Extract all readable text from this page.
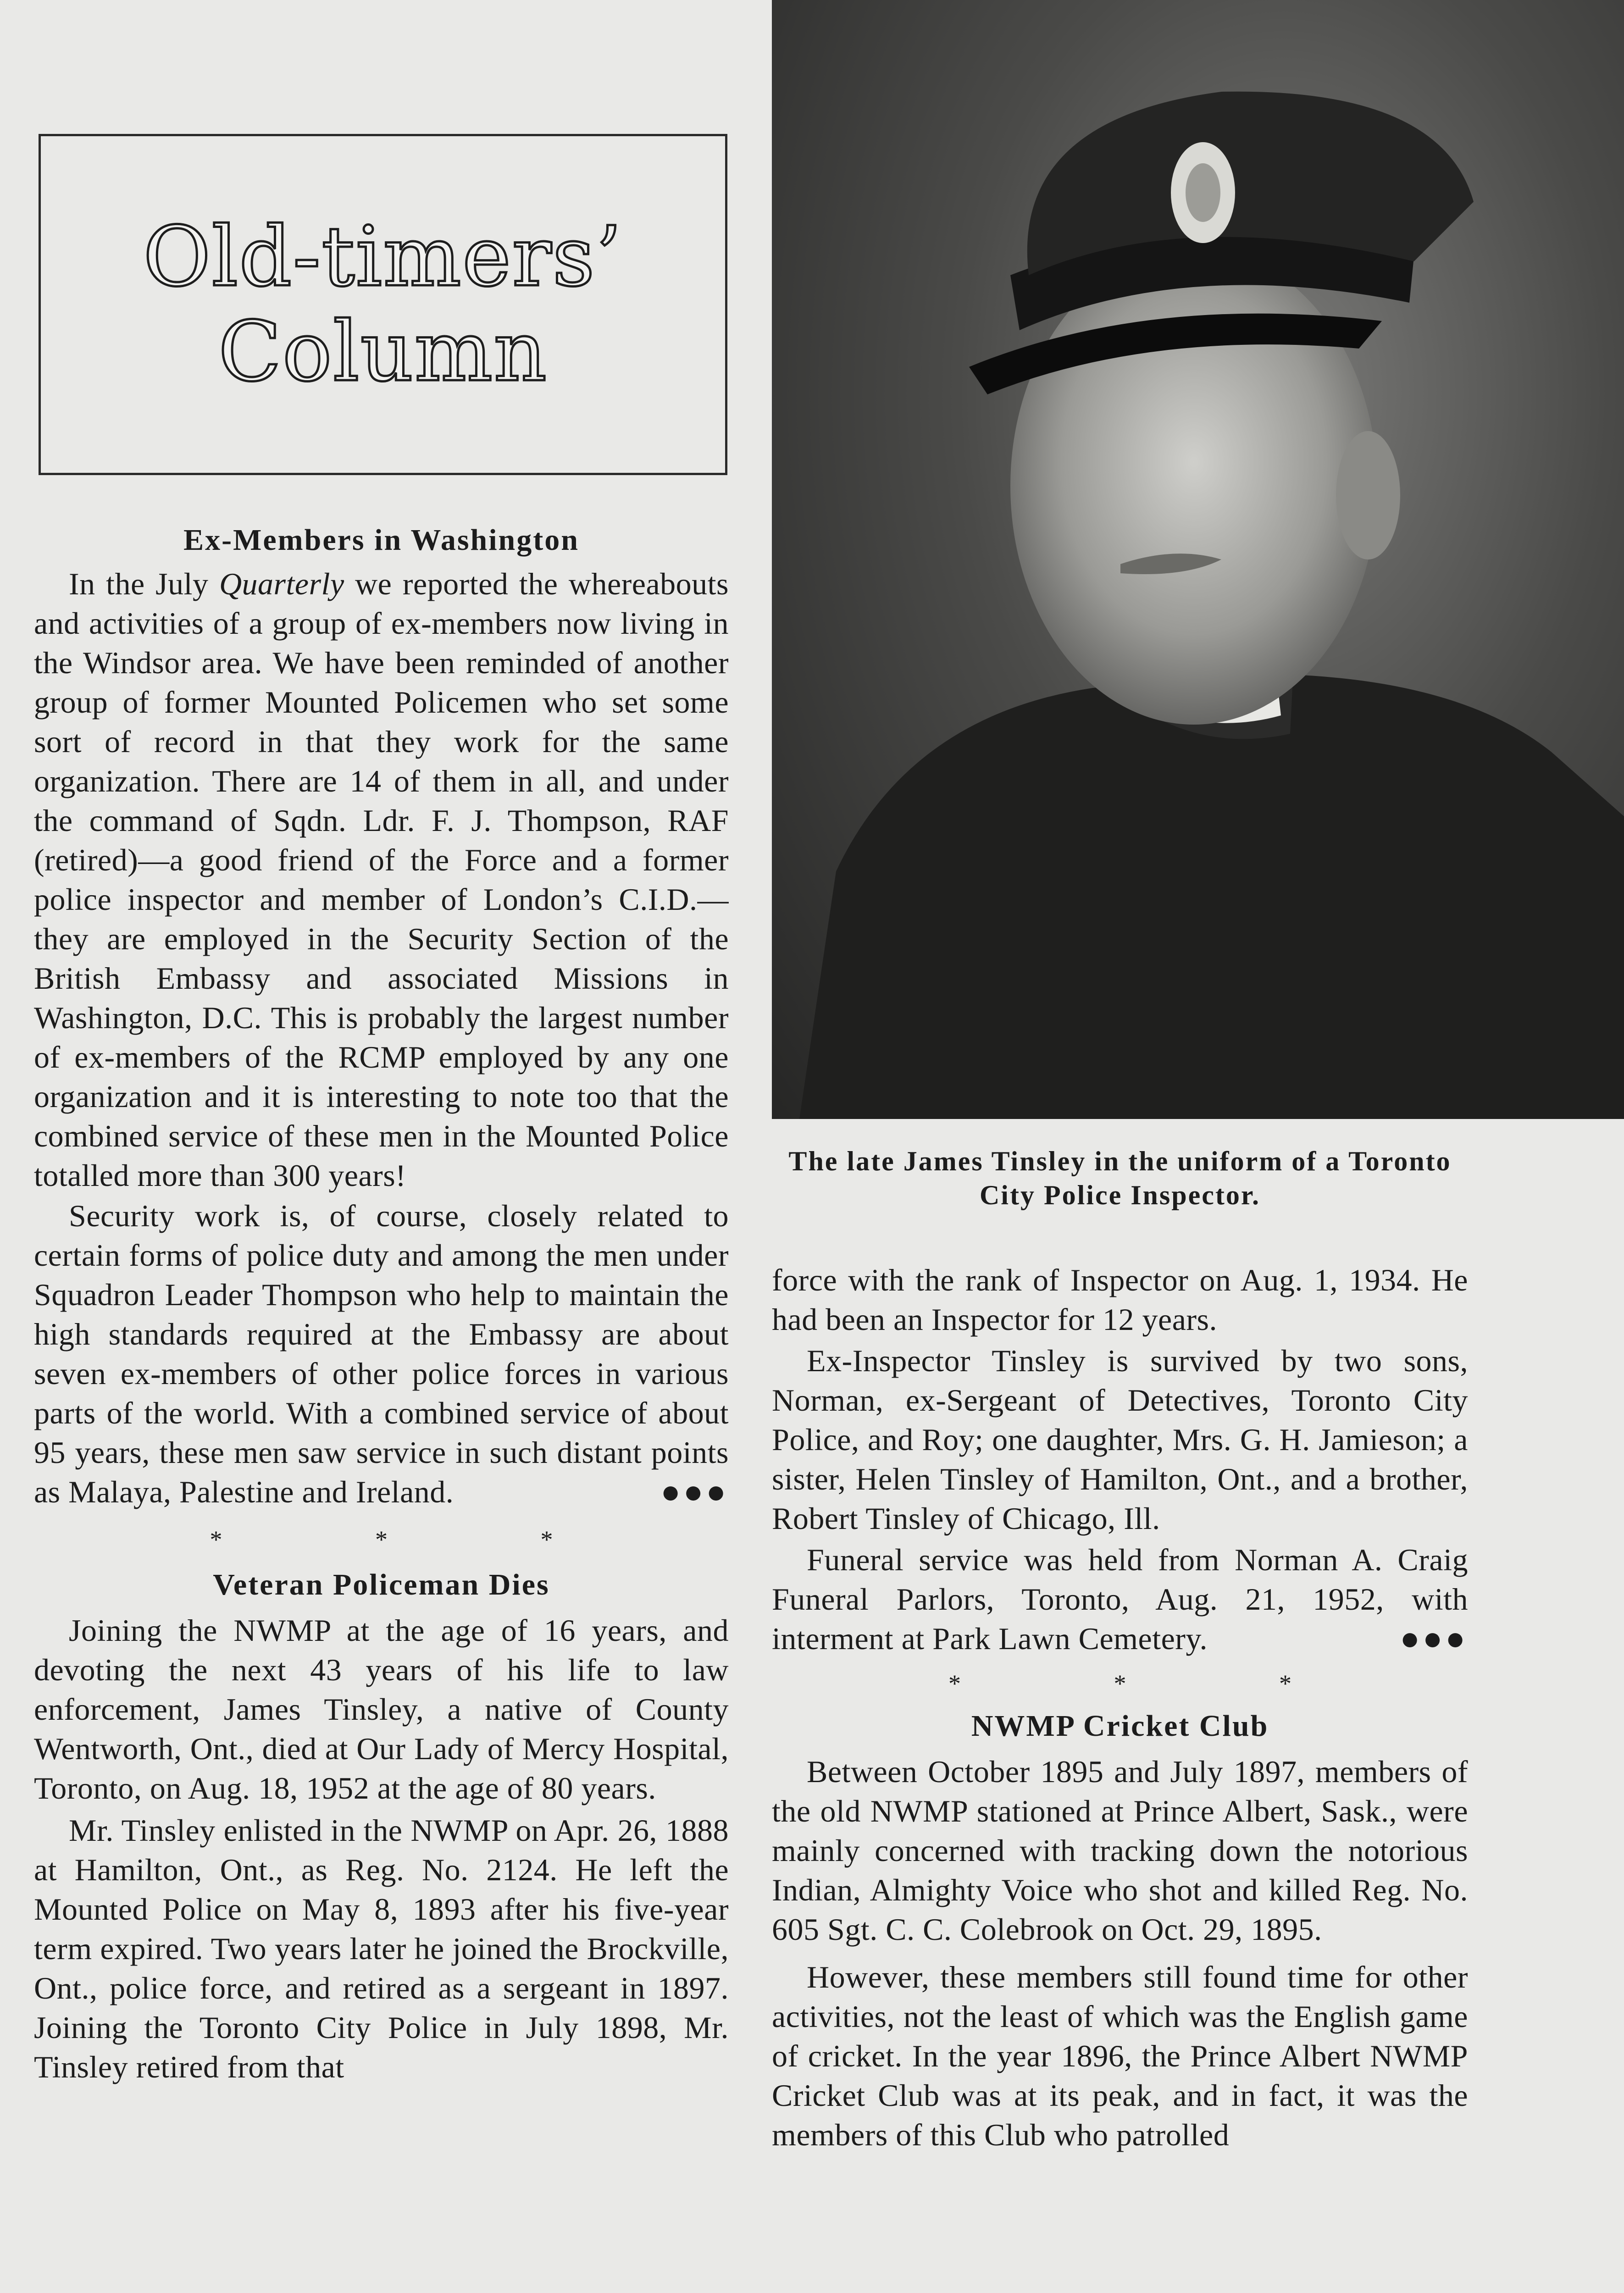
Old-timers’
Column

Ex-Members in Washington

In the July Quarterly we reported the whereabouts and activities of a group of ex-members now living in the Windsor area. We have been reminded of another group of former Mounted Policemen who set some sort of record in that they work for the same organization. There are 14 of them in all, and under the command of Sqdn. Ldr. F. J. Thompson, RAF (retired)—a good friend of the Force and a former police inspector and member of London’s C.I.D.—they are employed in the Security Section of the British Embassy and associated Missions in Washington, D.C. This is probably the largest number of ex-members of the RCMP employed by any one organization and it is interesting to note too that the combined service of these men in the Mounted Police totalled more than 300 years!

Security work is, of course, closely related to certain forms of police duty and among the men under Squadron Leader Thompson who help to maintain the high standards required at the Embassy are about seven ex-members of other police forces in various parts of the world. With a combined service of about 95 years, these men saw service in such distant points as Malaya, Palestine and Ireland.	●●●

* * *

Veteran Policeman Dies

Joining the NWMP at the age of 16 years, and devoting the next 43 years of his life to law enforcement, James Tinsley, a native of County Wentworth, Ont., died at Our Lady of Mercy Hospital, Toronto, on Aug. 18, 1952 at the age of 80 years.

Mr. Tinsley enlisted in the NWMP on Apr. 26, 1888 at Hamilton, Ont., as Reg. No. 2124. He left the Mounted Police on May 8, 1893 after his five-year term expired. Two years later he joined the Brockville, Ont., police force, and retired as a sergeant in 1897. Joining the Toronto City Police in July 1898, Mr. Tinsley retired from that

The late James Tinsley in the uniform of a Toronto City Police Inspector.

force with the rank of Inspector on Aug. 1, 1934. He had been an Inspector for 12 years.

Ex-Inspector Tinsley is survived by two sons, Norman, ex-Sergeant of Detectives, Toronto City Police, and Roy; one daughter, Mrs. G. H. Jamieson; a sister, Helen Tinsley of Hamilton, Ont., and a brother, Robert Tinsley of Chicago, Ill.

Funeral service was held from Norman A. Craig Funeral Parlors, Toronto, Aug. 21, 1952, with interment at Park Lawn Cemetery.	●●●

* * *

NWMP Cricket Club

Between October 1895 and July 1897, members of the old NWMP stationed at Prince Albert, Sask., were mainly concerned with tracking down the notorious Indian, Almighty Voice who shot and killed Reg. No. 605 Sgt. C. C. Colebrook on Oct. 29, 1895.

However, these members still found time for other activities, not the least of which was the English game of cricket. In the year 1896, the Prince Albert NWMP Cricket Club was at its peak, and in fact, it was the members of this Club who patrolled
